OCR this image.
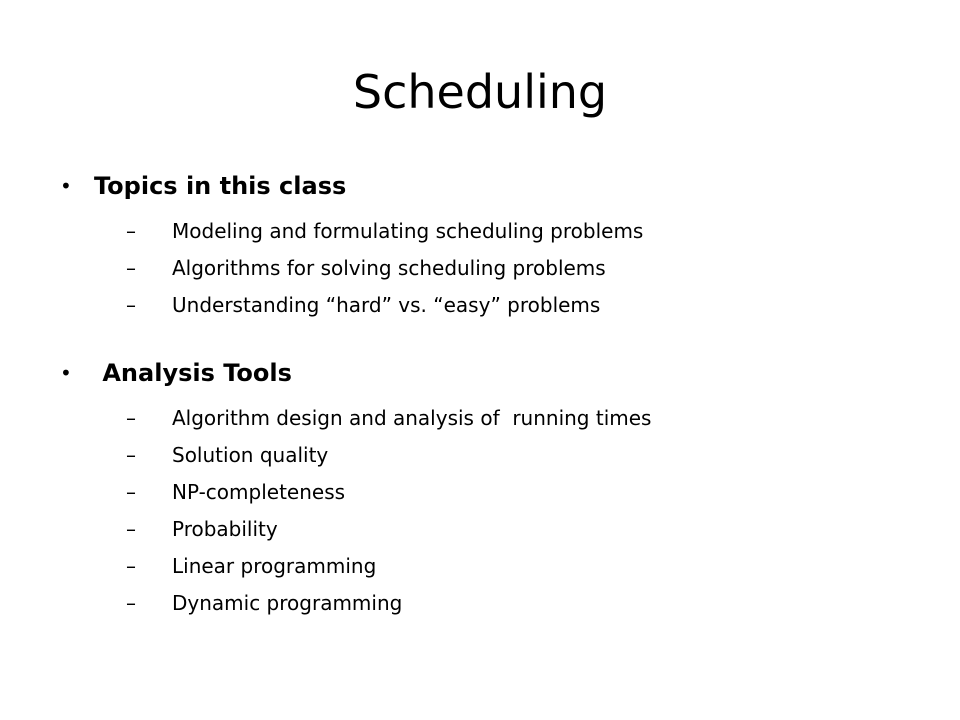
Scheduling
• Topics in this class
–	Modeling and formulating scheduling problems
–	Algorithms for solving scheduling problems
–	Understanding “hard” vs. “easy” problems
• Analysis Tools
–	Algorithm design and analysis of  running times
–	Solution quality
–	NP-completeness
–	Probability
–	Linear programming
–	Dynamic programming
